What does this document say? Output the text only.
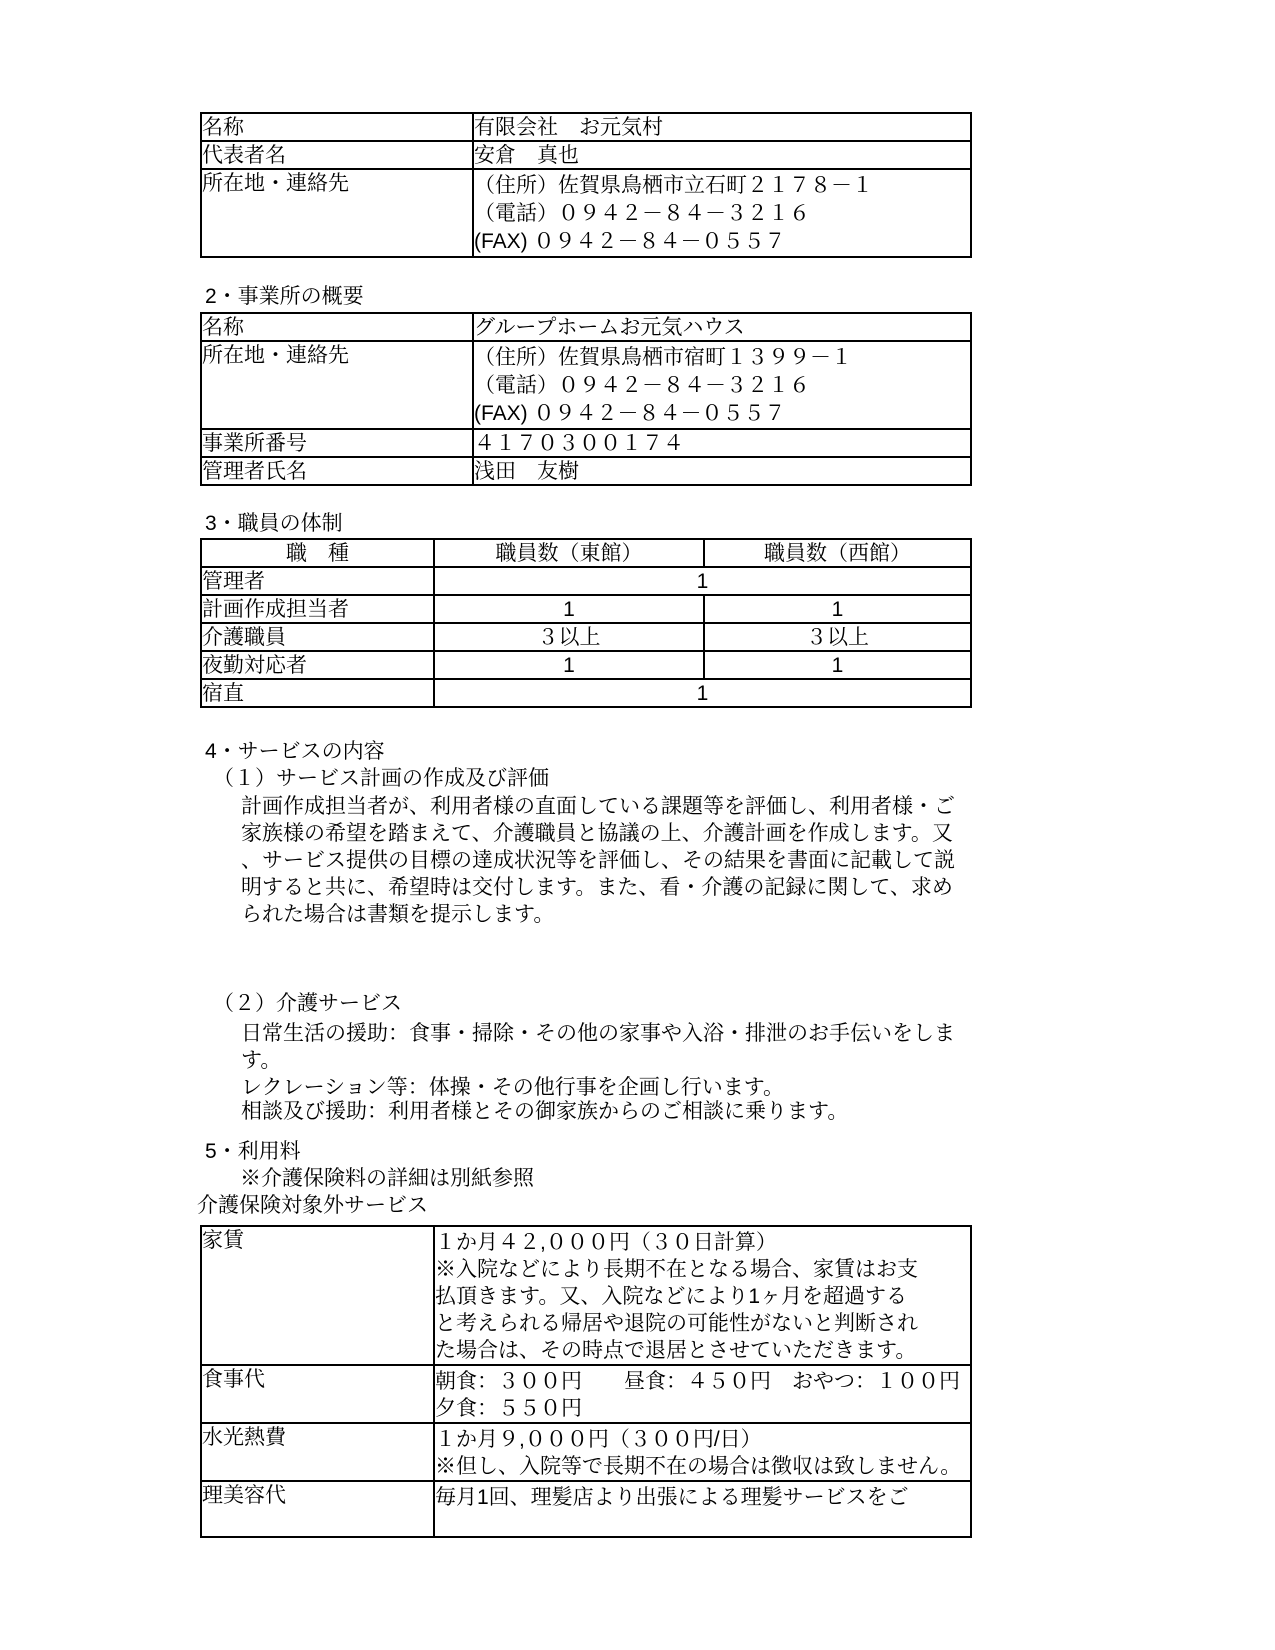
名称	有限会社　お元気村
代表者名	安倉　真也
所在地・連絡先	（住所）佐賀県鳥栖市立石町２１７８－１
（電話）０９４２－８４－３２１６
(FAX) ０９４２－８４－０５５７
2・事業所の概要
名称	グループホームお元気ハウス
所在地・連絡先	（住所）佐賀県鳥栖市宿町１３９９－１
（電話）０９４２－８４－３２１６
(FAX) ０９４２－８４－０５５７

事業所番号	４１７０３００１７４
管理者氏名	浅田　友樹
3・職員の体制
職　種	職員数（東館）	職員数（西館）
管理者	1	
計画作成担当者	1	1
介護職員	３以上	３以上
夜勤対応者	1	1
宿直	1	
4・サービスの内容
（１）サービス計画の作成及び評価
計画作成担当者が、利用者様の直面している課題等を評価し、利用者様・ご
家族様の希望を踏まえて、介護職員と協議の上、介護計画を作成します。又
、サービス提供の目標の達成状況等を評価し、その結果を書面に記載して説
明すると共に、希望時は交付します。また、看・介護の記録に関して、求め
られた場合は書類を提示します。
（２）介護サービス
日常生活の援助：食事・掃除・その他の家事や入浴・排泄のお手伝いをしま
す。
レクレーション等：体操・その他行事を企画し行います。
相談及び援助：利用者様とその御家族からのご相談に乗ります。
5・利用料
※介護保険料の詳細は別紙参照
介護保険対象外サービス
家賃	１か月４２,０００円（３０日計算）
※入院などにより長期不在となる場合、家賃はお支
払頂きます。又、入院などにより1ヶ月を超過する
と考えられる帰居や退院の可能性がないと判断され
た場合は、その時点で退居とさせていただきます。

食事代	朝食：３００円　　昼食：４５０円　おやつ：１００円
夕食：５５０円

水光熱費	１か月９,０００円（３００円/日）
※但し、入院等で長期不在の場合は徴収は致しません。

理美容代	毎月1回、理髪店より出張による理髪サービスをご
